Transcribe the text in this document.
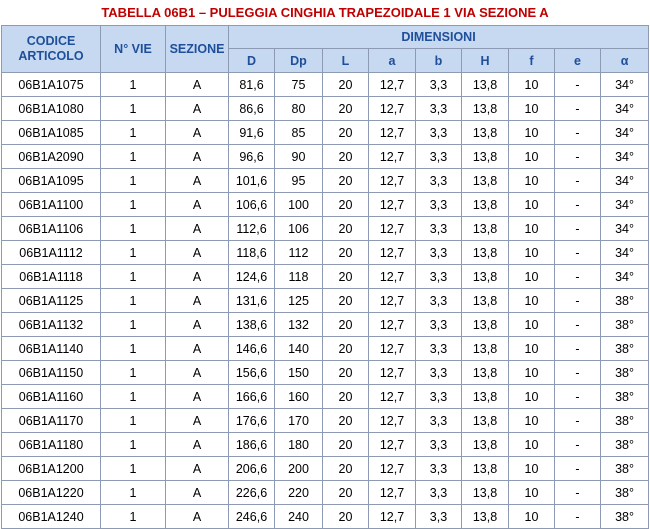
TABELLA 06B1 – PULEGGIA CINGHIA TRAPEZOIDALE 1 VIA SEZIONE A
CODICE
ARTICOLO	N° VIE	SEZIONE	DIMENSIONI								
			D	Dp	L	a	b	H	f	e	α
06B1A1075	1	A	81,6	75	20	12,7	3,3	13,8	10	-	34°
06B1A1080	1	A	86,6	80	20	12,7	3,3	13,8	10	-	34°
06B1A1085	1	A	91,6	85	20	12,7	3,3	13,8	10	-	34°
06B1A2090	1	A	96,6	90	20	12,7	3,3	13,8	10	-	34°
06B1A1095	1	A	101,6	95	20	12,7	3,3	13,8	10	-	34°
06B1A1100	1	A	106,6	100	20	12,7	3,3	13,8	10	-	34°
06B1A1106	1	A	112,6	106	20	12,7	3,3	13,8	10	-	34°
06B1A1112	1	A	118,6	112	20	12,7	3,3	13,8	10	-	34°
06B1A1118	1	A	124,6	118	20	12,7	3,3	13,8	10	-	34°
06B1A1125	1	A	131,6	125	20	12,7	3,3	13,8	10	-	38°
06B1A1132	1	A	138,6	132	20	12,7	3,3	13,8	10	-	38°
06B1A1140	1	A	146,6	140	20	12,7	3,3	13,8	10	-	38°
06B1A1150	1	A	156,6	150	20	12,7	3,3	13,8	10	-	38°
06B1A1160	1	A	166,6	160	20	12,7	3,3	13,8	10	-	38°
06B1A1170	1	A	176,6	170	20	12,7	3,3	13,8	10	-	38°
06B1A1180	1	A	186,6	180	20	12,7	3,3	13,8	10	-	38°
06B1A1200	1	A	206,6	200	20	12,7	3,3	13,8	10	-	38°
06B1A1220	1	A	226,6	220	20	12,7	3,3	13,8	10	-	38°
06B1A1240	1	A	246,6	240	20	12,7	3,3	13,8	10	-	38°
